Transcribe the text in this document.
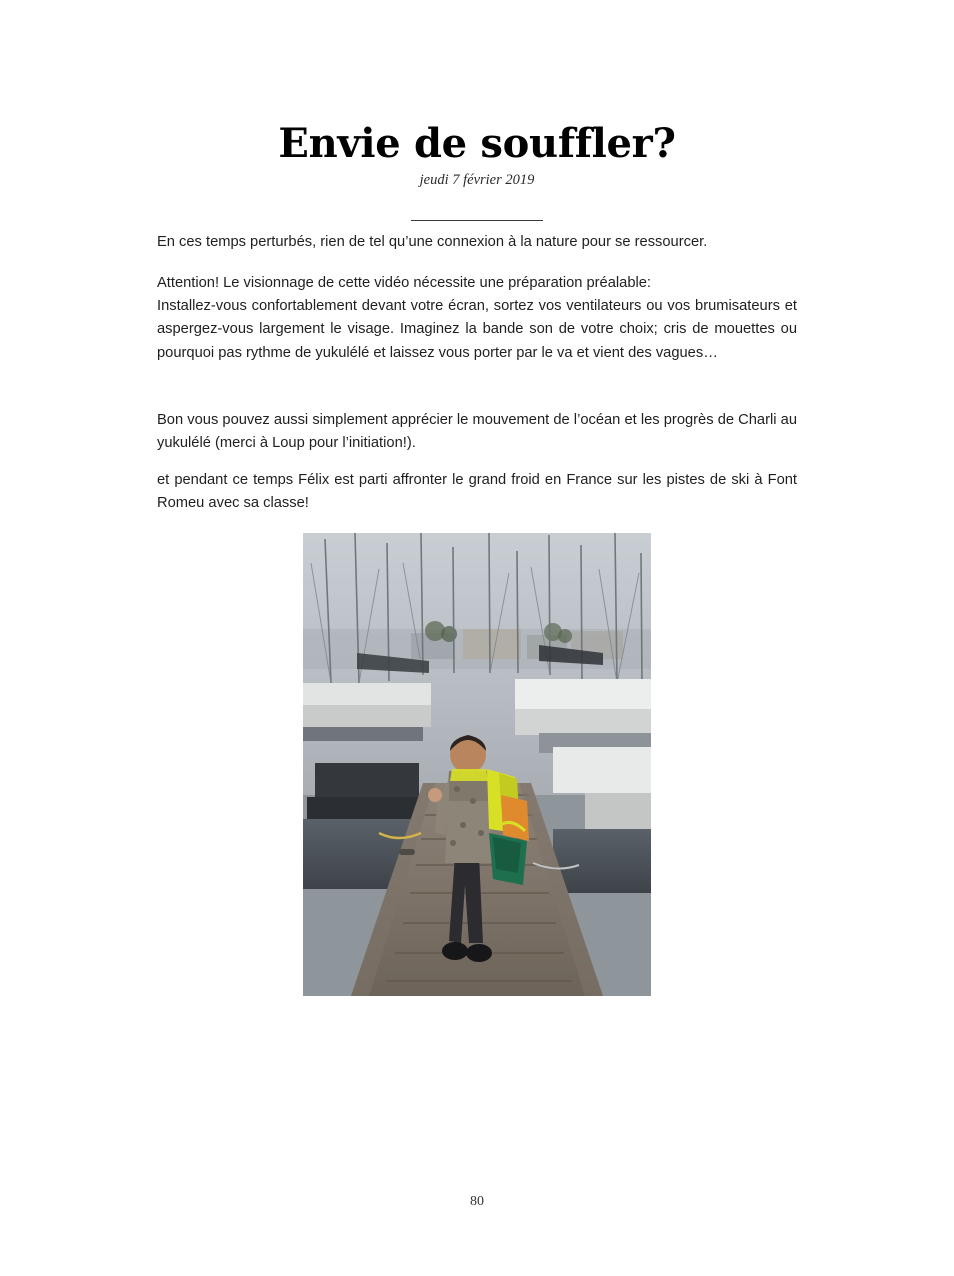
Envie de souffler?
jeudi 7 février 2019

En ces temps perturbés, rien de tel qu’une connexion à la nature pour se ressourcer.

Attention! Le visionnage de cette vidéo nécessite une préparation préalable:

Installez-vous confortablement devant votre écran, sortez vos ventilateurs ou vos brumisateurs et aspergez-vous largement le visage. Imaginez la bande son de votre choix; cris de mouettes ou pourquoi pas rythme de yukulélé et laissez vous porter par le va et vient des vagues…

Bon vous pouvez aussi simplement apprécier le mouvement de l’océan et les progrès de Charli au yukulélé (merci à Loup pour l’initiation!).

et pendant ce temps Félix est parti affronter le grand froid en France sur les pistes de ski à Font Romeu avec sa classe!

80
